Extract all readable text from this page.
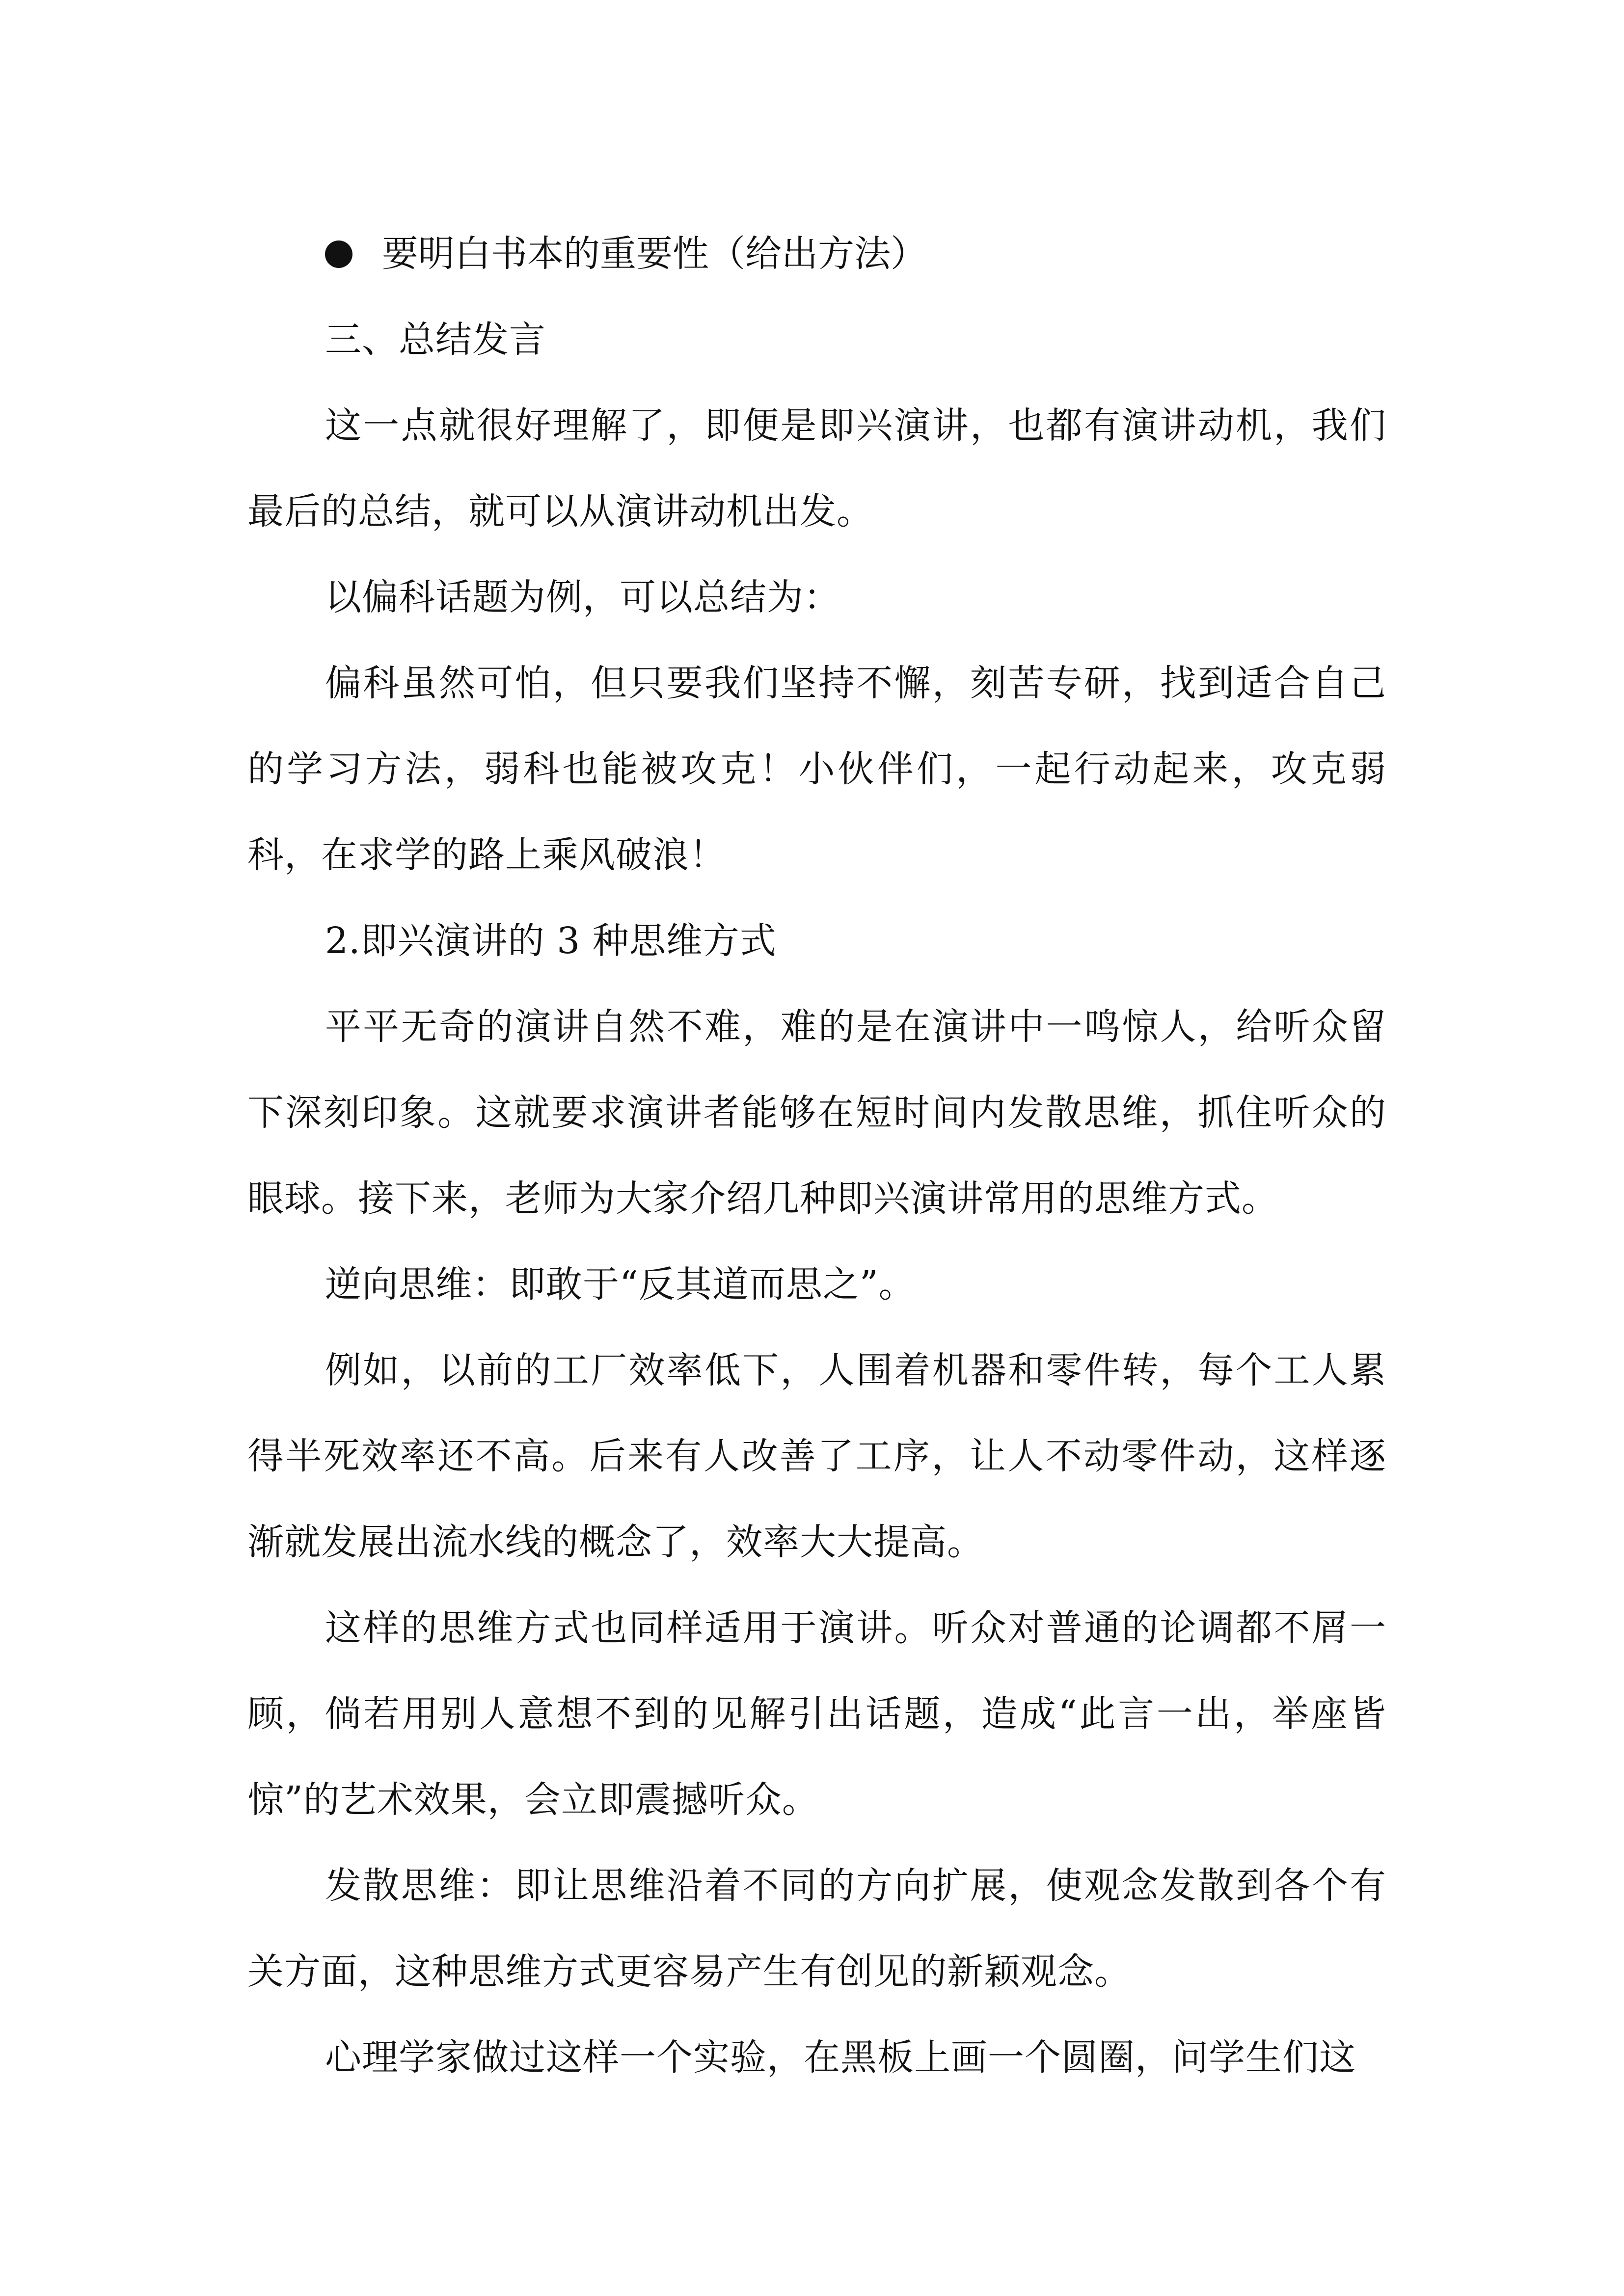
要明白书本的重要性（给出方法）

三、总结发言

这一点就很好理解了，即便是即兴演讲，也都有演讲动机，我们最后的总结，就可以从演讲动机出发。

以偏科话题为例，可以总结为：

偏科虽然可怕，但只要我们坚持不懈，刻苦专研，找到适合自己的学习方法，弱科也能被攻克！小伙伴们，一起行动起来，攻克弱科，在求学的路上乘风破浪！

2.即兴演讲的 3 种思维方式

平平无奇的演讲自然不难，难的是在演讲中一鸣惊人，给听众留下深刻印象。这就要求演讲者能够在短时间内发散思维，抓住听众的眼球。接下来，老师为大家介绍几种即兴演讲常用的思维方式。

逆向思维：即敢于“反其道而思之”。

例如，以前的工厂效率低下，人围着机器和零件转，每个工人累得半死效率还不高。后来有人改善了工序，让人不动零件动，这样逐渐就发展出流水线的概念了，效率大大提高。

这样的思维方式也同样适用于演讲。听众对普通的论调都不屑一顾，倘若用别人意想不到的见解引出话题，造成“此言一出，举座皆惊”的艺术效果，会立即震撼听众。

发散思维：即让思维沿着不同的方向扩展，使观念发散到各个有关方面，这种思维方式更容易产生有创见的新颖观念。

心理学家做过这样一个实验，在黑板上画一个圆圈，问学生们这
